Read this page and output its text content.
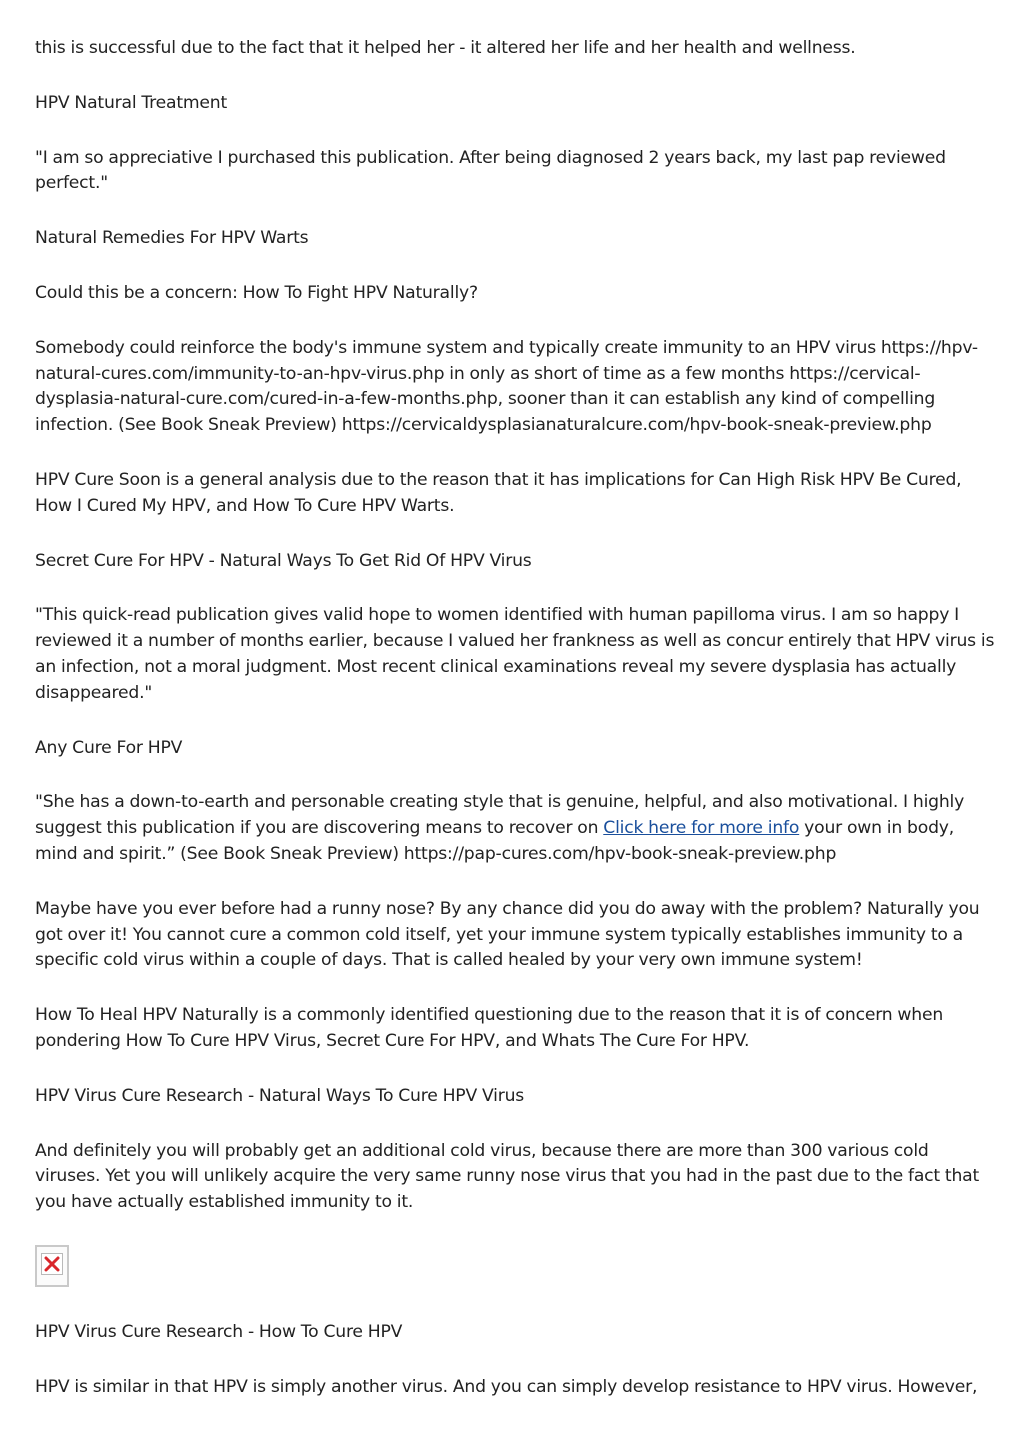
this is successful due to the fact that it helped her - it altered her life and her health and wellness.
HPV Natural Treatment
"I am so appreciative I purchased this publication. After being diagnosed 2 years back, my last pap reviewed perfect."
Natural Remedies For HPV Warts
Could this be a concern: How To Fight HPV Naturally?
Somebody could reinforce the body's immune system and typically create immunity to an HPV virus https://hpv-natural-cures.com/immunity-to-an-hpv-virus.php in only as short of time as a few months https://cervical-dysplasia-natural-cure.com/cured-in-a-few-months.php, sooner than it can establish any kind of compelling infection. (See Book Sneak Preview) https://cervicaldysplasianaturalcure.com/hpv-book-sneak-preview.php
HPV Cure Soon is a general analysis due to the reason that it has implications for Can High Risk HPV Be Cured, How I Cured My HPV, and How To Cure HPV Warts.
Secret Cure For HPV - Natural Ways To Get Rid Of HPV Virus
"This quick-read publication gives valid hope to women identified with human papilloma virus. I am so happy I reviewed it a number of months earlier, because I valued her frankness as well as concur entirely that HPV virus is an infection, not a moral judgment. Most recent clinical examinations reveal my severe dysplasia has actually disappeared."
Any Cure For HPV
"She has a down-to-earth and personable creating style that is genuine, helpful, and also motivational. I highly suggest this publication if you are discovering means to recover on Click here for more info your own in body, mind and spirit.” (See Book Sneak Preview) https://pap-cures.com/hpv-book-sneak-preview.php
Maybe have you ever before had a runny nose? By any chance did you do away with the problem? Naturally you got over it! You cannot cure a common cold itself, yet your immune system typically establishes immunity to a specific cold virus within a couple of days. That is called healed by your very own immune system!
How To Heal HPV Naturally is a commonly identified questioning due to the reason that it is of concern when pondering How To Cure HPV Virus, Secret Cure For HPV, and Whats The Cure For HPV.
HPV Virus Cure Research - Natural Ways To Cure HPV Virus
And definitely you will probably get an additional cold virus, because there are more than 300 various cold viruses. Yet you will unlikely acquire the very same runny nose virus that you had in the past due to the fact that you have actually established immunity to it.
HPV Virus Cure Research - How To Cure HPV
HPV is similar in that HPV is simply another virus. And you can simply develop resistance to HPV virus. However,
